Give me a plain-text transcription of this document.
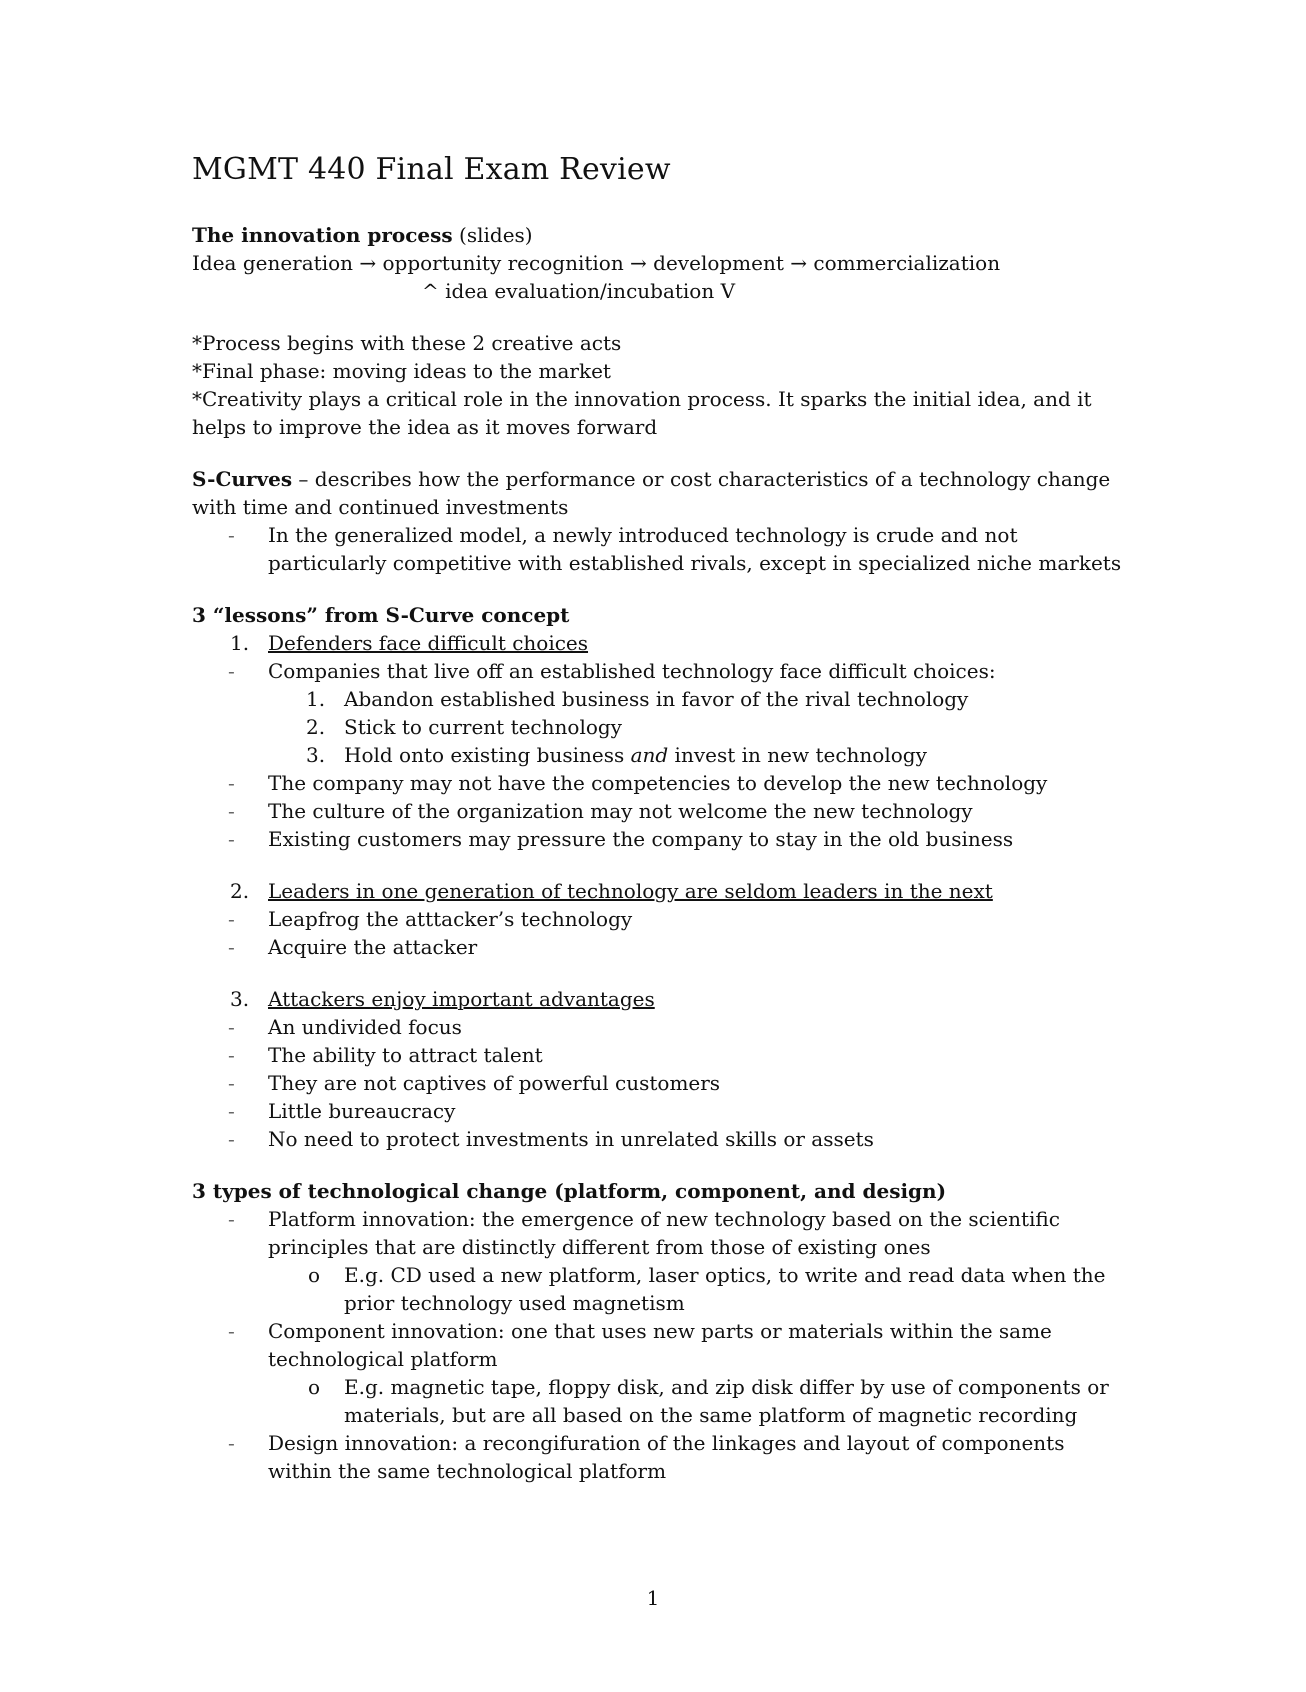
MGMT 440 Final Exam Review

The innovation process (slides)

Idea generation → opportunity recognition → development → commercialization

^ idea evaluation/incubation V

*Process begins with these 2 creative acts

*Final phase: moving ideas to the market

*Creativity plays a critical role in the innovation process. It sparks the initial idea, and it helps to improve the idea as it moves forward

S-Curves – describes how the performance or cost characteristics of a technology change with time and continued investments

- In the generalized model, a newly introduced technology is crude and not particularly competitive with established rivals, except in specialized niche markets

3 “lessons” from S-Curve concept

1. Defenders face difficult choices
- Companies that live off an established technology face difficult choices:
1. Abandon established business in favor of the rival technology
2. Stick to current technology
3. Hold onto existing business and invest in new technology
- The company may not have the competencies to develop the new technology
- The culture of the organization may not welcome the new technology
- Existing customers may pressure the company to stay in the old business
2. Leaders in one generation of technology are seldom leaders in the next
- Leapfrog the atttacker’s technology
- Acquire the attacker
3. Attackers enjoy important advantages
- An undivided focus
- The ability to attract talent
- They are not captives of powerful customers
- Little bureaucracy
- No need to protect investments in unrelated skills or assets

3 types of technological change (platform, component, and design)

- Platform innovation: the emergence of new technology based on the scientific principles that are distinctly different from those of existing ones
o E.g. CD used a new platform, laser optics, to write and read data when the prior technology used magnetism
- Component innovation: one that uses new parts or materials within the same technological platform
o E.g. magnetic tape, floppy disk, and zip disk differ by use of components or materials, but are all based on the same platform of magnetic recording
- Design innovation: a recongifuration of the linkages and layout of components within the same technological platform
1
